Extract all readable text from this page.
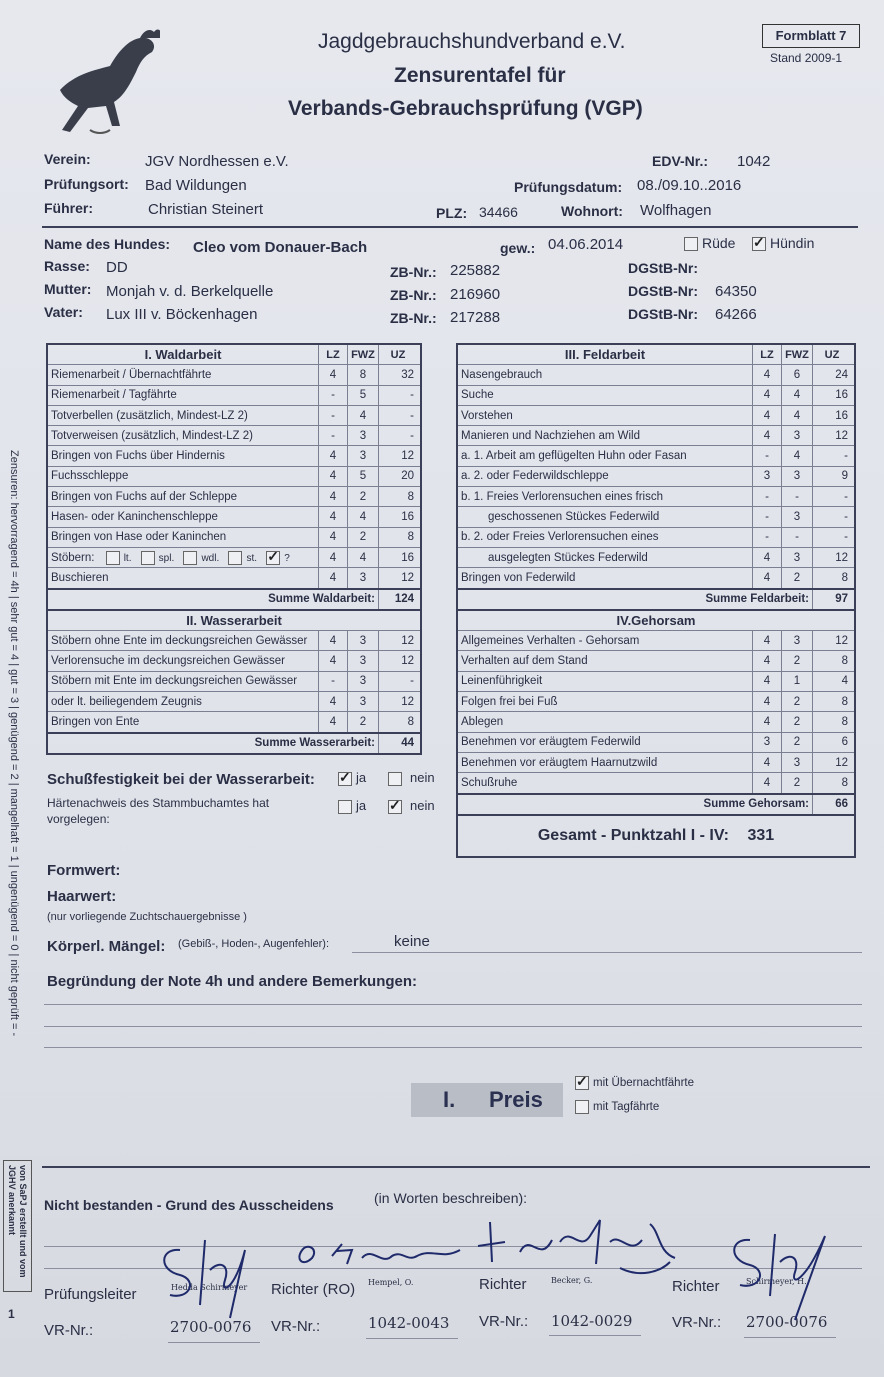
Jagdgebrauchshundverband e.V.
Zensurentafel für
Verbands-Gebrauchsprüfung (VGP)
Formblatt 7
Stand 2009-1
Verein:	JGV Nordhessen e.V.	EDV-Nr.: 1042
Prüfungsort: Bad Wildungen	Prüfungsdatum: 08./09.10..2016
Führer:	Christian Steinert	PLZ: 34466	Wohnort: Wolfhagen
Name des Hundes: Cleo vom Donauer-Bach	gew.: 04.06.2014	Rüde ✓	Hündin
Rasse: DD	ZB-Nr.: 225882	DGStB-Nr:
Mutter: Monjah v. d. Berkelquelle	ZB-Nr.: 216960	DGStB-Nr: 64350
Vater: Lux III v. Böckenhagen	ZB-Nr.: 217288	DGStB-Nr: 64266
I. Waldarbeit	LZ	FWZ	UZ
Riemenarbeit / Übernachtfährte	4	8	32
Riemenarbeit / Tagfährte	-	5	-
Totverbellen (zusätzlich, Mindest-LZ 2)	-	4	-
Totverweisen (zusätzlich, Mindest-LZ 2)	-	3	-
Bringen von Fuchs über Hindernis	4	3	12
Fuchsschleppe	4	5	20
Bringen von Fuchs auf der Schleppe	4	2	8
Hasen- oder Kaninchenschleppe	4	4	16
Bringen von Hase oder Kaninchen	4	2	8
Stöbern: lt. spl. wdl. st. ✓ ?	4	4	16
Buschieren	4	3	12
Summe Waldarbeit:			124
II. Wasserarbeit			
Stöbern ohne Ente im deckungsreichen Gewässer	4	3	12
Verlorensuche im deckungsreichen Gewässer	4	3	12
Stöbern mit Ente im deckungsreichen Gewässer	-	3	-
oder lt. beiliegendem Zeugnis	4	3	12
Bringen von Ente	4	2	8
Summe Wasserarbeit:			44
III. Feldarbeit	LZ	FWZ	UZ
Nasengebrauch	4	6	24
Suche	4	4	16
Vorstehen	4	4	16
Manieren und Nachziehen am Wild	4	3	12
a. 1. Arbeit am geflügelten Huhn oder Fasan	-	4	-
a. 2. oder Federwildschleppe	3	3	9
b. 1. Freies Verlorensuchen eines frisch	-	-	-
geschossenen Stückes Federwild	-	3	-
b. 2. oder Freies Verlorensuchen eines	-	-	-
ausgelegten Stückes Federwild	4	3	12
Bringen von Federwild	4	2	8
Summe Feldarbeit:			97
IV.Gehorsam			
Allgemeines Verhalten - Gehorsam	4	3	12
Verhalten auf dem Stand	4	2	8
Leinenführigkeit	4	1	4
Folgen frei bei Fuß	4	2	8
Ablegen	4	2	8
Benehmen vor eräugtem Federwild	3	2	6
Benehmen vor eräugtem Haarnutzwild	4	3	12
Schußruhe	4	2	8
Summe Gehorsam:			66
Gesamt - Punktzahl I - IV: 331			
Schußfestigkeit bei der Wasserarbeit: ✓	ja	nein
Härtenachweis des Stammbuchamtes hat
vorgelegen:
ja ✓	nein
Formwert:
Haarwert:
(nur vorliegende Zuchtschauergebnisse )
Körperl. Mängel: (Gebiß-, Hoden-, Augenfehler):	keine
Begründung der Note 4h und andere Bemerkungen:
I. Preis
✓mit Übernachtfährte
mit Tagfährte
Nicht bestanden - Grund des Ausscheidens	(in Worten beschreiben):
Prüfungsleiter	Hedda Schirmeyer Richter (RO) Hempel, O.	Richter	Becker, G.	Richter	Schirmeyer, H.
VR-Nr.:	2700-0076 VR-Nr.:	1042-0043 VR-Nr.: 1042-0029	VR-Nr.: 2700-0076
Zensuren: hervorragend = 4h | sehr gut = 4 | gut = 3 | genügend = 2 | mangelhaft = 1 | ungenügend = 0 | nicht geprüft = -
von SaPJ erstellt und vom JGHV anerkannt
1
